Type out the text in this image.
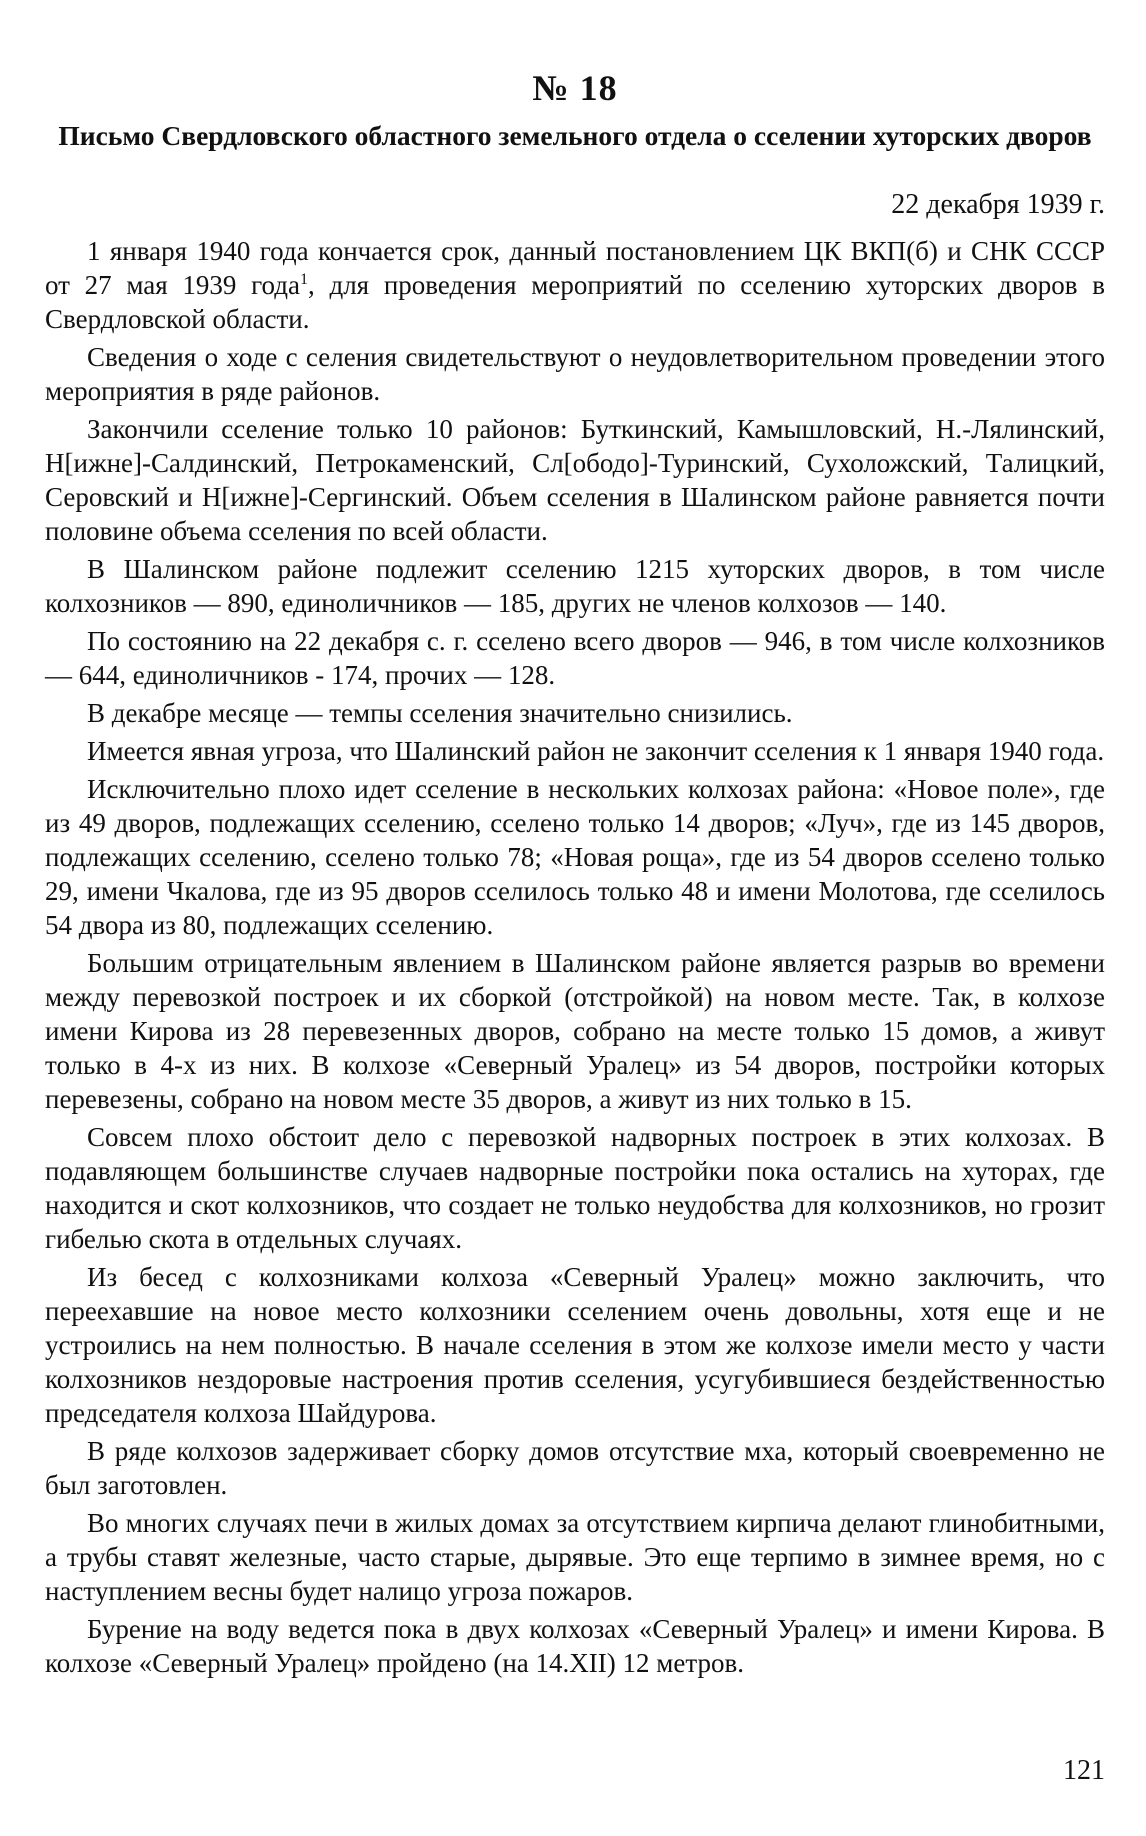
№ 18
Письмо Свердловского областного земельного отдела о сселении хуторских дворов
22 декабря 1939 г.

1 января 1940 года кончается срок, данный постановлением ЦК ВКП(б) и СНК СССР от 27 мая 1939 года$^1$, для проведения мероприятий по сселению хуторских дворов в Свердловской области.

Сведения о ходе с селения свидетельствуют о неудовлетворительном проведении этого мероприятия в ряде районов.

Закончили сселение только 10 районов: Буткинский, Камышловский, Н.-Лялинский, Н[ижне]-Салдинский, Петрокаменский, Сл[ободо]-Туринский, Сухоложский, Талицкий, Серовский и Н[ижне]-Сергинский. Объем сселения в Шалинском районе равняется почти половине объема сселения по всей области.

В Шалинском районе подлежит сселению 1215 хуторских дворов, в том числе колхозников — 890, единоличников — 185, других не членов колхозов — 140.

По состоянию на 22 декабря с. г. сселено всего дворов — 946, в том числе колхозников — 644, единоличников - 174, прочих — 128.

В декабре месяце — темпы сселения значительно снизились.

Имеется явная угроза, что Шалинский район не закончит сселения к 1 января 1940 года.

Исключительно плохо идет сселение в нескольких колхозах района: «Новое поле», где из 49 дворов, подлежащих сселению, сселено только 14 дворов; «Луч», где из 145 дворов, подлежащих сселению, сселено только 78; «Новая роща», где из 54 дворов сселено только 29, имени Чкалова, где из 95 дворов сселилось только 48 и имени Молотова, где сселилось 54 двора из 80, подлежащих сселению.

Большим отрицательным явлением в Шалинском районе является разрыв во времени между перевозкой построек и их сборкой (отстройкой) на новом месте. Так, в колхозе имени Кирова из 28 перевезенных дворов, собрано на месте только 15 домов, а живут только в 4-х из них. В колхозе «Северный Уралец» из 54 дворов, постройки которых перевезены, собрано на новом месте 35 дворов, а живут из них только в 15.

Совсем плохо обстоит дело с перевозкой надворных построек в этих колхозах. В подавляющем большинстве случаев надворные постройки пока остались на хуторах, где находится и скот колхозников, что создает не только неудобства для колхозников, но грозит гибелью скота в отдельных случаях.

Из бесед с колхозниками колхоза «Северный Уралец» можно заключить, что переехавшие на новое место колхозники сселением очень довольны, хотя еще и не устроились на нем полностью. В начале сселения в этом же колхозе имели место у части колхозников нездоровые настроения против сселения, усугубившиеся бездейственностью председателя колхоза Шайдурова.

В ряде колхозов задерживает сборку домов отсутствие мха, который своевременно не был заготовлен.

Во многих случаях печи в жилых домах за отсутствием кирпича делают глинобитными, а трубы ставят железные, часто старые, дырявые. Это еще терпимо в зимнее время, но с наступлением весны будет налицо угроза пожаров.

Бурение на воду ведется пока в двух колхозах «Северный Уралец» и имени Кирова. В колхозе «Северный Уралец» пройдено (на 14.XII) 12 метров.

121
